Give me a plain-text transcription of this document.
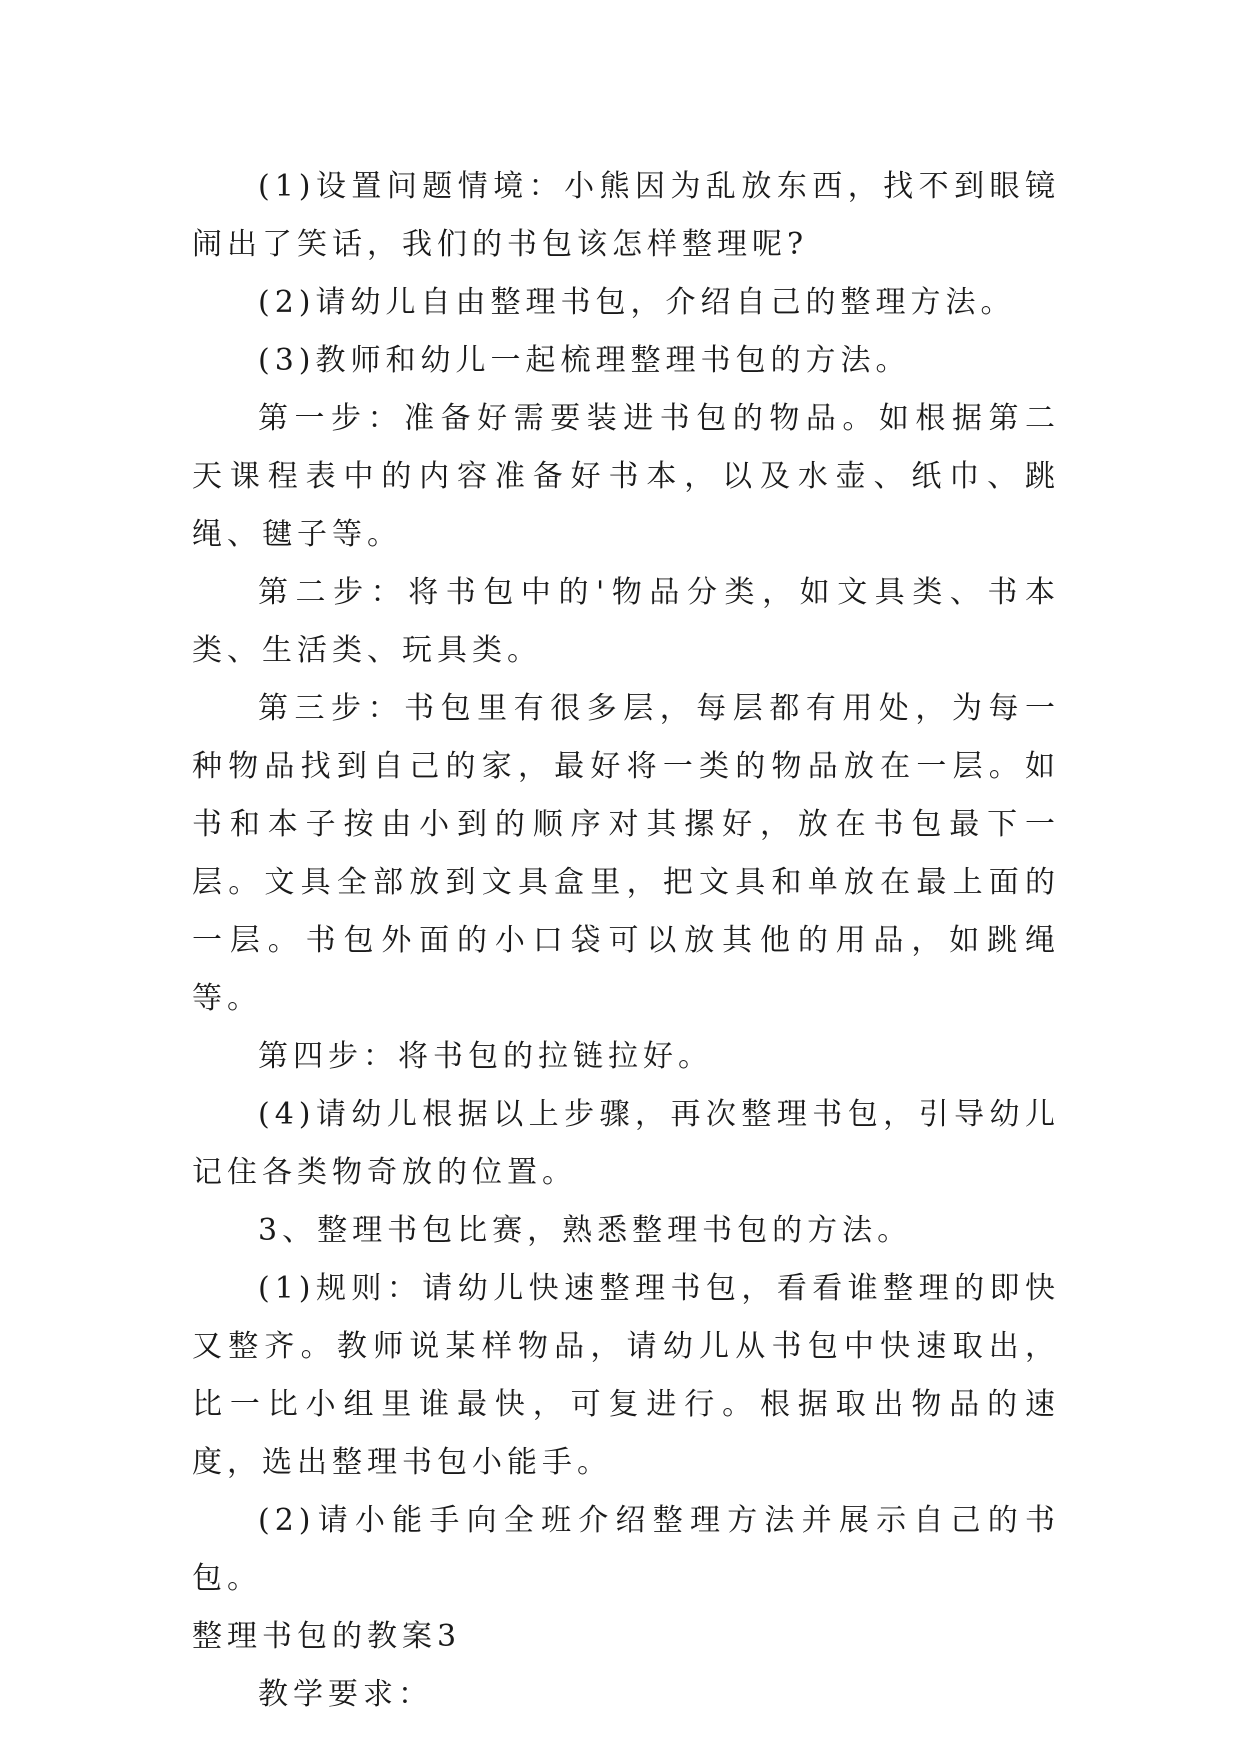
(1)设置问题情境：小熊因为乱放东西，找不到眼镜闹出了笑话，我们的书包该怎样整理呢?

(2)请幼儿自由整理书包，介绍自己的整理方法。

(3)教师和幼儿一起梳理整理书包的方法。

第一步：准备好需要装进书包的物品。如根据第二天课程表中的内容准备好书本，以及水壶、纸巾、跳绳、毽子等。

第二步：将书包中的'物品分类，如文具类、书本类、生活类、玩具类。

第三步：书包里有很多层，每层都有用处，为每一种物品找到自己的家，最好将一类的物品放在一层。如书和本子按由小到的顺序对其摞好，放在书包最下一层。文具全部放到文具盒里，把文具和单放在最上面的一层。书包外面的小口袋可以放其他的用品，如跳绳等。

第四步：将书包的拉链拉好。

(4)请幼儿根据以上步骤，再次整理书包，引导幼儿记住各类物奇放的位置。

3、整理书包比赛，熟悉整理书包的方法。

(1)规则：请幼儿快速整理书包，看看谁整理的即快又整齐。教师说某样物品，请幼儿从书包中快速取出，比一比小组里谁最快，可复进行。根据取出物品的速度，选出整理书包小能手。

(2)请小能手向全班介绍整理方法并展示自己的书包。

整理书包的教案3

教学要求：
